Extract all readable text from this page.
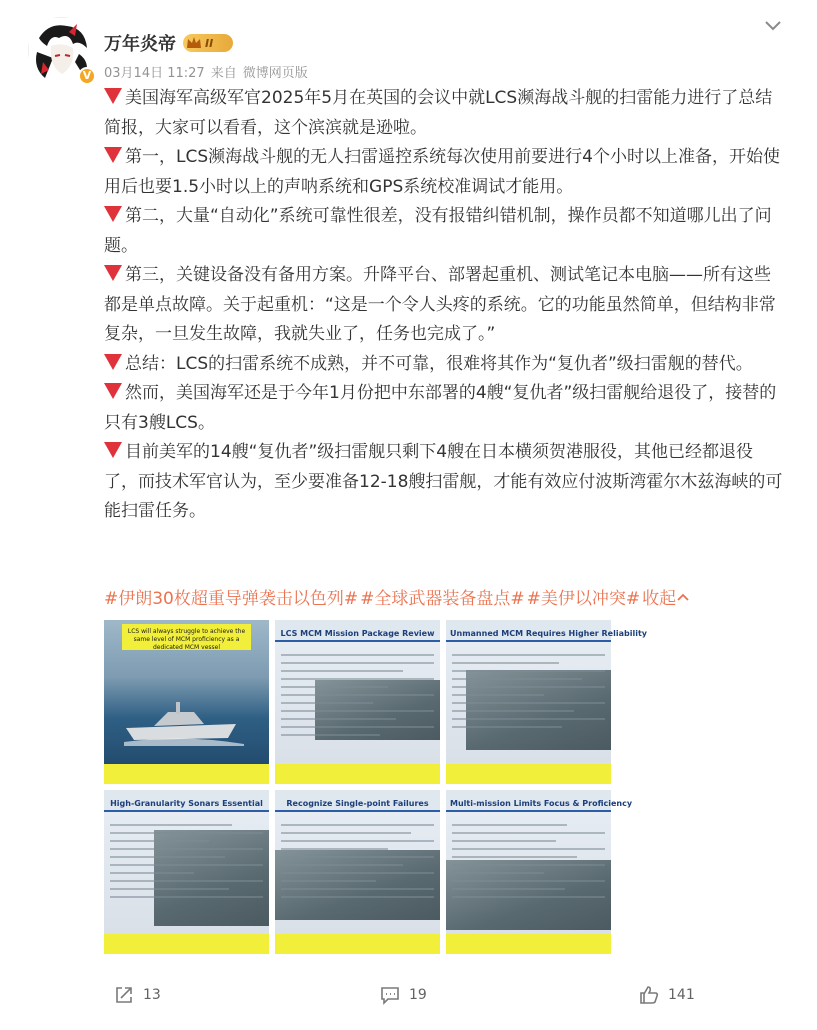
V
万年炎帝	II
03月14日 11:27 来自 微博网页版

美国海军高级军官2025年5月在英国的会议中就LCS濒海战斗舰的扫雷能力进行了总结简报，大家可以看看，这个滨滨就是逊啦。

第一，LCS濒海战斗舰的无人扫雷遥控系统每次使用前要进行4个小时以上准备，开始使用后也要1.5小时以上的声呐系统和GPS系统校准调试才能用。

第二，大量“自动化”系统可靠性很差，没有报错纠错机制，操作员都不知道哪儿出了问题。

第三，关键设备没有备用方案。升降平台、部署起重机、测试笔记本电脑——所有这些都是单点故障。关于起重机：“这是一个令人头疼的系统。它的功能虽然简单，但结构非常复杂，一旦发生故障，我就失业了，任务也完成了。”

总结：LCS的扫雷系统不成熟，并不可靠，很难将其作为“复仇者”级扫雷舰的替代。

然而，美国海军还是于今年1月份把中东部署的4艘“复仇者”级扫雷舰给退役了，接替的只有3艘LCS。

目前美军的14艘“复仇者”级扫雷舰只剩下4艘在日本横须贺港服役，其他已经都退役了，而技术军官认为，至少要准备12-18艘扫雷舰，才能有效应付波斯湾霍尔木兹海峡的可能扫雷任务。

#伊朗30枚超重导弹袭击以色列# #全球武器装备盘点# #美伊以冲突# 收起
LCS will always struggle to achieve the same level of MCM proficiency as a dedicated MCM vessel
LCS MCM Mission Package Review Unmanned MCM Requires Higher Reliability
High-Granularity Sonars Essential	Recognize Single-point Failures	Multi-mission Limits Focus & Proficiency
13	19	141
